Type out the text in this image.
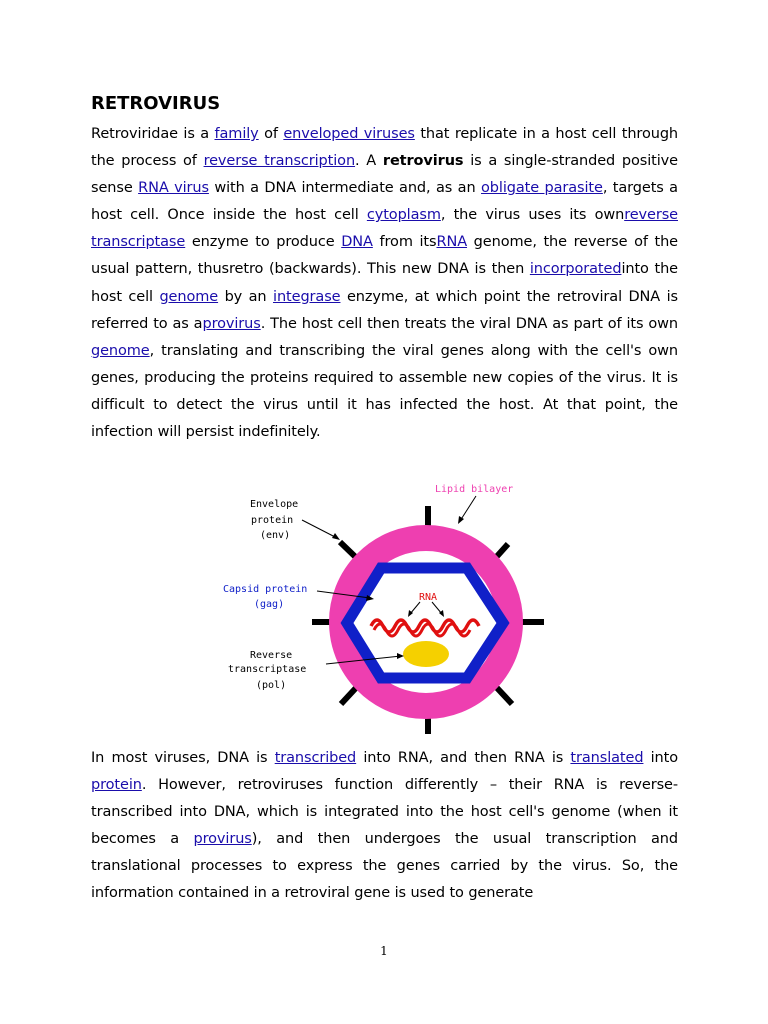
RETROVIRUS

Retroviridae is a family of enveloped viruses that replicate in a host cell through the process of reverse transcription. A retrovirus is a single-stranded positive sense RNA virus with a DNA intermediate and, as an obligate parasite, targets a host cell. Once inside the host cell cytoplasm, the virus uses its ownreverse transcriptase enzyme to produce DNA from itsRNA genome, the reverse of the usual pattern, thusretro (backwards). This new DNA is then incorporatedinto the host cell genome by an integrase enzyme, at which point the retroviral DNA is referred to as aprovirus. The host cell then treats the viral DNA as part of its own genome, translating and transcribing the viral genes along with the cell's own genes, producing the proteins required to assemble new copies of the virus. It is difficult to detect the virus until it has infected the host. At that point, the infection will persist indefinitely.

Lipid bilayer
Envelope
protein
(env)
Capsid protein
(gag)
RNA
Reverse
transcriptase
(pol)

In most viruses, DNA is transcribed into RNA, and then RNA is translated into protein. However, retroviruses function differently – their RNA is reverse-transcribed into DNA, which is integrated into the host cell's genome (when it becomes a provirus), and then undergoes the usual transcription and translational processes to express the genes carried by the virus. So, the information contained in a retroviral gene is used to generate

1
